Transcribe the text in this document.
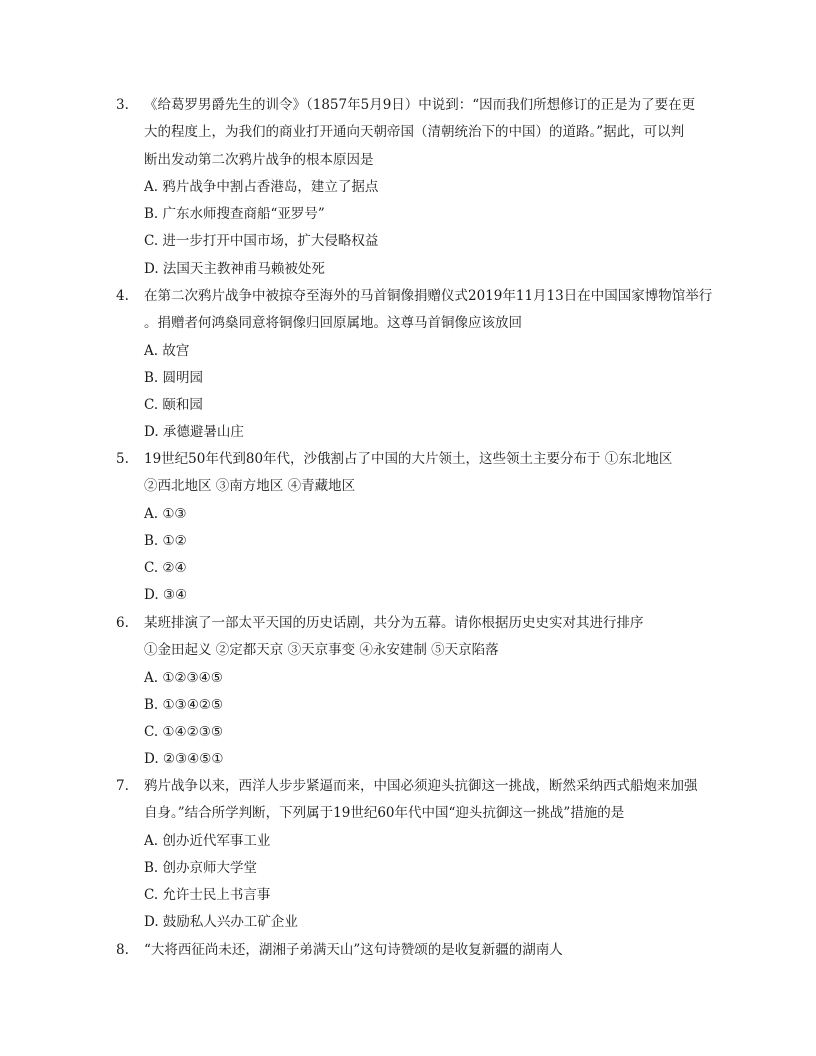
3.	《给葛罗男爵先生的训令》（1857年5月9日）中说到：“因而我们所想修订的正是为了要在更
大的程度上，为我们的商业打开通向天朝帝国（清朝统治下的中国）的道路。”据此，可以判
断出发动第二次鸦片战争的根本原因是
A. 鸦片战争中割占香港岛，建立了据点
B. 广东水师搜查商船“亚罗号”
C. 进一步打开中国市场，扩大侵略权益
D. 法国天主教神甫马赖被处死
4.	在第二次鸦片战争中被掠夺至海外的马首铜像捐赠仪式2019年11月13日在中国国家博物馆举行
。捐赠者何鸿燊同意将铜像归回原属地。这尊马首铜像应该放回
A. 故宫
B. 圆明园
C. 颐和园
D. 承德避暑山庄
5.	19世纪50年代到80年代，沙俄割占了中国的大片领土，这些领土主要分布于 ①东北地区
②西北地区 ③南方地区 ④青藏地区
A. ①③
B. ①②
C. ②④
D. ③④
6.	某班排演了一部太平天国的历史话剧，共分为五幕。请你根据历史史实对其进行排序
①金田起义 ②定都天京 ③天京事变 ④永安建制 ⑤天京陷落
A. ①②③④⑤
B. ①③④②⑤
C. ①④②③⑤
D. ②③④⑤①
7.	鸦片战争以来，西洋人步步紧逼而来，中国必须迎头抗御这一挑战，断然采纳西式船炮来加强
自身。”结合所学判断，下列属于19世纪60年代中国“迎头抗御这一挑战”措施的是
A. 创办近代军事工业
B. 创办京师大学堂
C. 允许士民上书言事
D. 鼓励私人兴办工矿企业
8.	“大将西征尚未还，湖湘子弟满天山”这句诗赞颂的是收复新疆的湖南人
